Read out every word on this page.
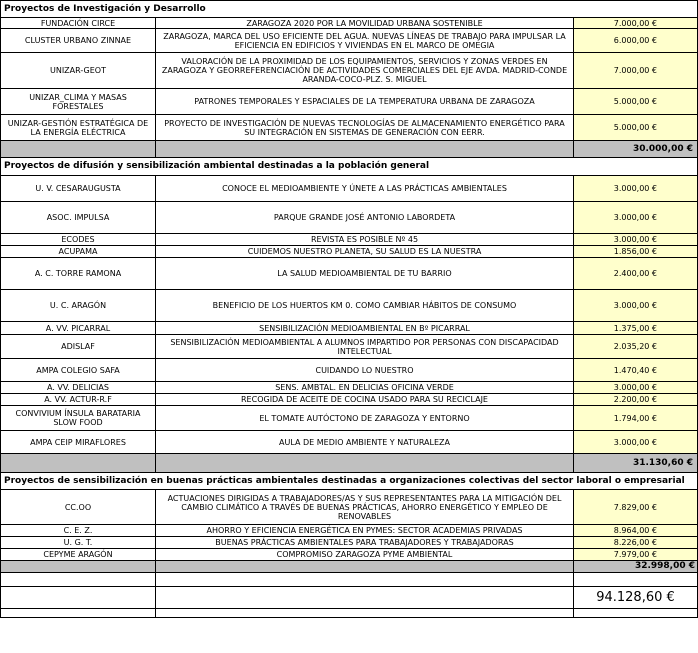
Proyectos de Investigación y Desarrollo		
FUNDACIÓN CIRCE	ZARAGOZA 2020 POR LA MOVILIDAD URBANA SOSTENIBLE	7.000,00 €
CLUSTER URBANO ZINNAE	ZARAGOZA, MARCA DEL USO EFICIENTE DEL AGUA. NUEVAS LÍNEAS DE TRABAJO PARA IMPULSAR LA EFICIENCIA EN EDIFICIOS Y VIVIENDAS EN EL MARCO DE OMEGIA	6.000,00 €
UNIZAR-GEOT	VALORACIÓN DE LA PROXIMIDAD DE LOS EQUIPAMIENTOS, SERVICIOS Y ZONAS VERDES EN ZARAGOZA Y GEORREFERENCIACIÓN DE ACTIVIDADES COMERCIALES DEL EJE AVDA. MADRID-CONDE ARANDA-COCO-PLZ. S. MIGUEL	7.000,00 €
UNIZAR_CLIMA Y MASAS FORESTALES	PATRONES TEMPORALES Y ESPACIALES DE LA TEMPERATURA URBANA DE ZARAGOZA	5.000,00 €
UNIZAR-GESTIÓN ESTRATÉGICA DE LA ENERGÍA ELÉCTRICA	PROYECTO DE INVESTIGACIÓN DE NUEVAS TECNOLOGÍAS DE ALMACENAMIENTO ENERGÉTICO PARA SU INTEGRACIÓN EN SISTEMAS DE GENERACIÓN CON EERR.	5.000,00 €
		30.000,00 €
Proyectos de difusión y sensibilización ambiental destinadas a la población general		
U. V. CESARAUGUSTA	CONOCE EL MEDIOAMBIENTE Y ÚNETE A LAS PRÁCTICAS AMBIENTALES	3.000,00 €
ASOC. IMPULSA	PARQUE GRANDE JOSÉ ANTONIO LABORDETA	3.000,00 €
ECODES	REVISTA ES POSIBLE Nº 45	3.000,00 €
ACUPAMA	CUIDEMOS NUESTRO PLANETA, SU SALUD ES LA NUESTRA	1.856,00 €
A. C. TORRE RAMONA	LA SALUD MEDIOAMBIENTAL DE TU BARRIO	2.400,00 €
U. C. ARAGÓN	BENEFICIO DE LOS HUERTOS KM 0. COMO CAMBIAR HÁBITOS DE CONSUMO	3.000,00 €
A. VV. PICARRAL	SENSIBILIZACIÓN MEDIOAMBIENTAL EN Bº PICARRAL	1.375,00 €
ADISLAF	SENSIBILIZACIÓN MEDIOAMBIENTAL A ALUMNOS IMPARTIDO POR PERSONAS CON DISCAPACIDAD INTELECTUAL	2.035,20 €
AMPA COLEGIO SAFA	CUIDANDO LO NUESTRO	1.470,40 €
A. VV. DELICIAS	SENS. AMBTAL. EN DELICIAS OFICINA VERDE	3.000,00 €
A. VV. ACTUR-R.F	RECOGIDA DE ACEITE DE COCINA USADO PARA SU RECICLAJE	2.200,00 €
CONVIVIUM ÍNSULA BARATARIA SLOW FOOD	EL TOMATE AUTÓCTONO DE ZARAGOZA Y ENTORNO	1.794,00 €
AMPA CEIP MIRAFLORES	AULA DE MEDIO AMBIENTE Y NATURALEZA	3.000,00 €
		31.130,60 €
Proyectos de sensibilización en buenas prácticas ambientales destinadas a organizaciones colectivas del sector laboral o empresarial		
CC.OO	ACTUACIONES DIRIGIDAS A TRABAJADORES/AS Y SUS REPRESENTANTES PARA LA MITIGACIÓN DEL CAMBIO CLIMÁTICO A TRAVÉS DE BUENAS PRÁCTICAS, AHORRO ENERGÉTICO Y EMPLEO DE RENOVABLES	7.829,00 €
C. E. Z.	AHORRO Y EFICIENCIA ENERGÉTICA EN PYMES: SECTOR ACADEMIAS PRIVADAS	8.964,00 €
U. G. T.	BUENAS PRÁCTICAS AMBIENTALES PARA TRABAJADORES Y TRABAJADORAS	8.226,00 €
CEPYME ARAGÓN	COMPROMISO ZARAGOZA PYME AMBIENTAL	7.979,00 €
		32.998,00 €

		94.128,60 €
